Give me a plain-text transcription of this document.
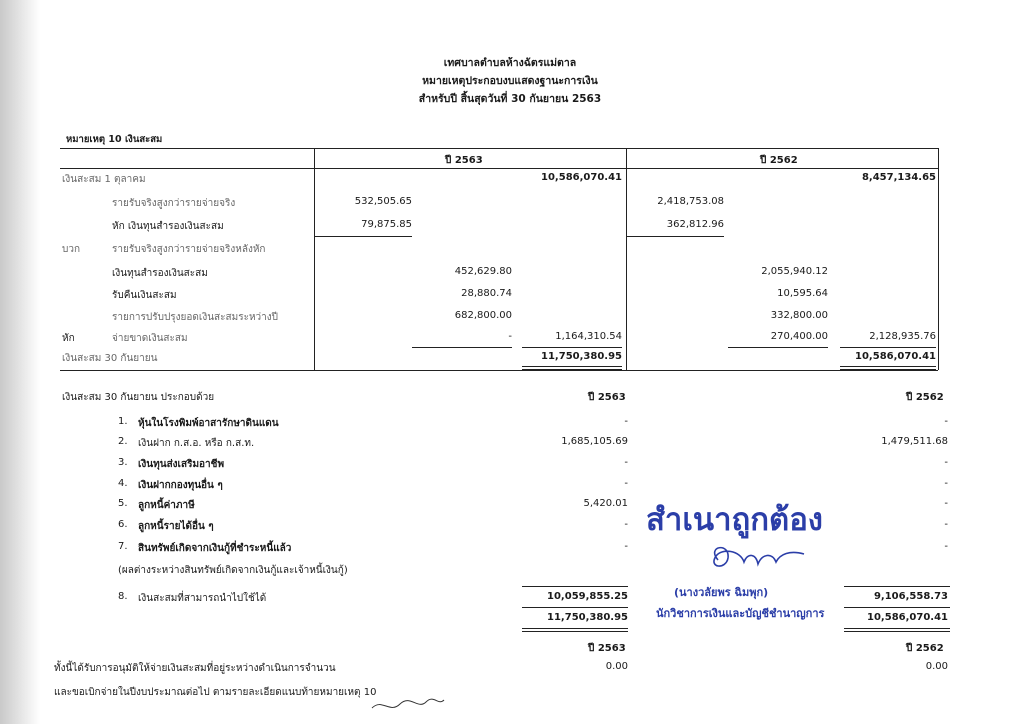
เทศบาลตำบลห้างฉัตรแม่ตาล
หมายเหตุประกอบงบแสดงฐานะการเงิน
สำหรับปี สิ้นสุดวันที่ 30 กันยายน 2563
หมายเหตุ 10 เงินสะสม
ปี 2563	ปี 2562
เงินสะสม 1 ตุลาคม	10,586,070.41	8,457,134.65
รายรับจริงสูงกว่ารายจ่ายจริง	532,505.65	2,418,753.08
หัก เงินทุนสำรองเงินสะสม	79,875.85	362,812.96
บวก	รายรับจริงสูงกว่ารายจ่ายจริงหลังหัก
เงินทุนสำรองเงินสะสม	452,629.80	2,055,940.12
รับคืนเงินสะสม	28,880.74	10,595.64
รายการปรับปรุงยอดเงินสะสมระหว่างปี	682,800.00	332,800.00
หัก	จ่ายขาดเงินสะสม	-	1,164,310.54	270,400.00	2,128,935.76
เงินสะสม 30 กันยายน	11,750,380.95	10,586,070.41
เงินสะสม 30 กันยายน ประกอบด้วย	ปี 2563	ปี 2562
1. หุ้นในโรงพิมพ์อาสารักษาดินแดน	-	-
2. เงินฝาก ก.ส.อ. หรือ ก.ส.ท.	1,685,105.69	1,479,511.68
3. เงินทุนส่งเสริมอาชีพ	-	-
4. เงินฝากกองทุนอื่น ๆ	-	-
5. ลูกหนี้ค่าภาษี	5,420.01	-
6. ลูกหนี้รายได้อื่น ๆ	-	-
7. สินทรัพย์เกิดจากเงินกู้ที่ชำระหนี้แล้ว	-	-
(ผลต่างระหว่างสินทรัพย์เกิดจากเงินกู้และเจ้าหนี้เงินกู้)
8. เงินสะสมที่สามารถนำไปใช้ได้	10,059,855.25	9,106,558.73
11,750,380.95	10,586,070.41
ปี 2563	ปี 2562
ทั้งนี้ได้รับการอนุมัติให้จ่ายเงินสะสมที่อยู่ระหว่างดำเนินการจำนวน	0.00	0.00
และขอเบิกจ่ายในปีงบประมาณต่อไป ตามรายละเอียดแนบท้ายหมายเหตุ 10
สำเนาถูกต้อง
(นางวลัยพร ฉิมพุก)
นักวิชาการเงินและบัญชีชำนาญการ
